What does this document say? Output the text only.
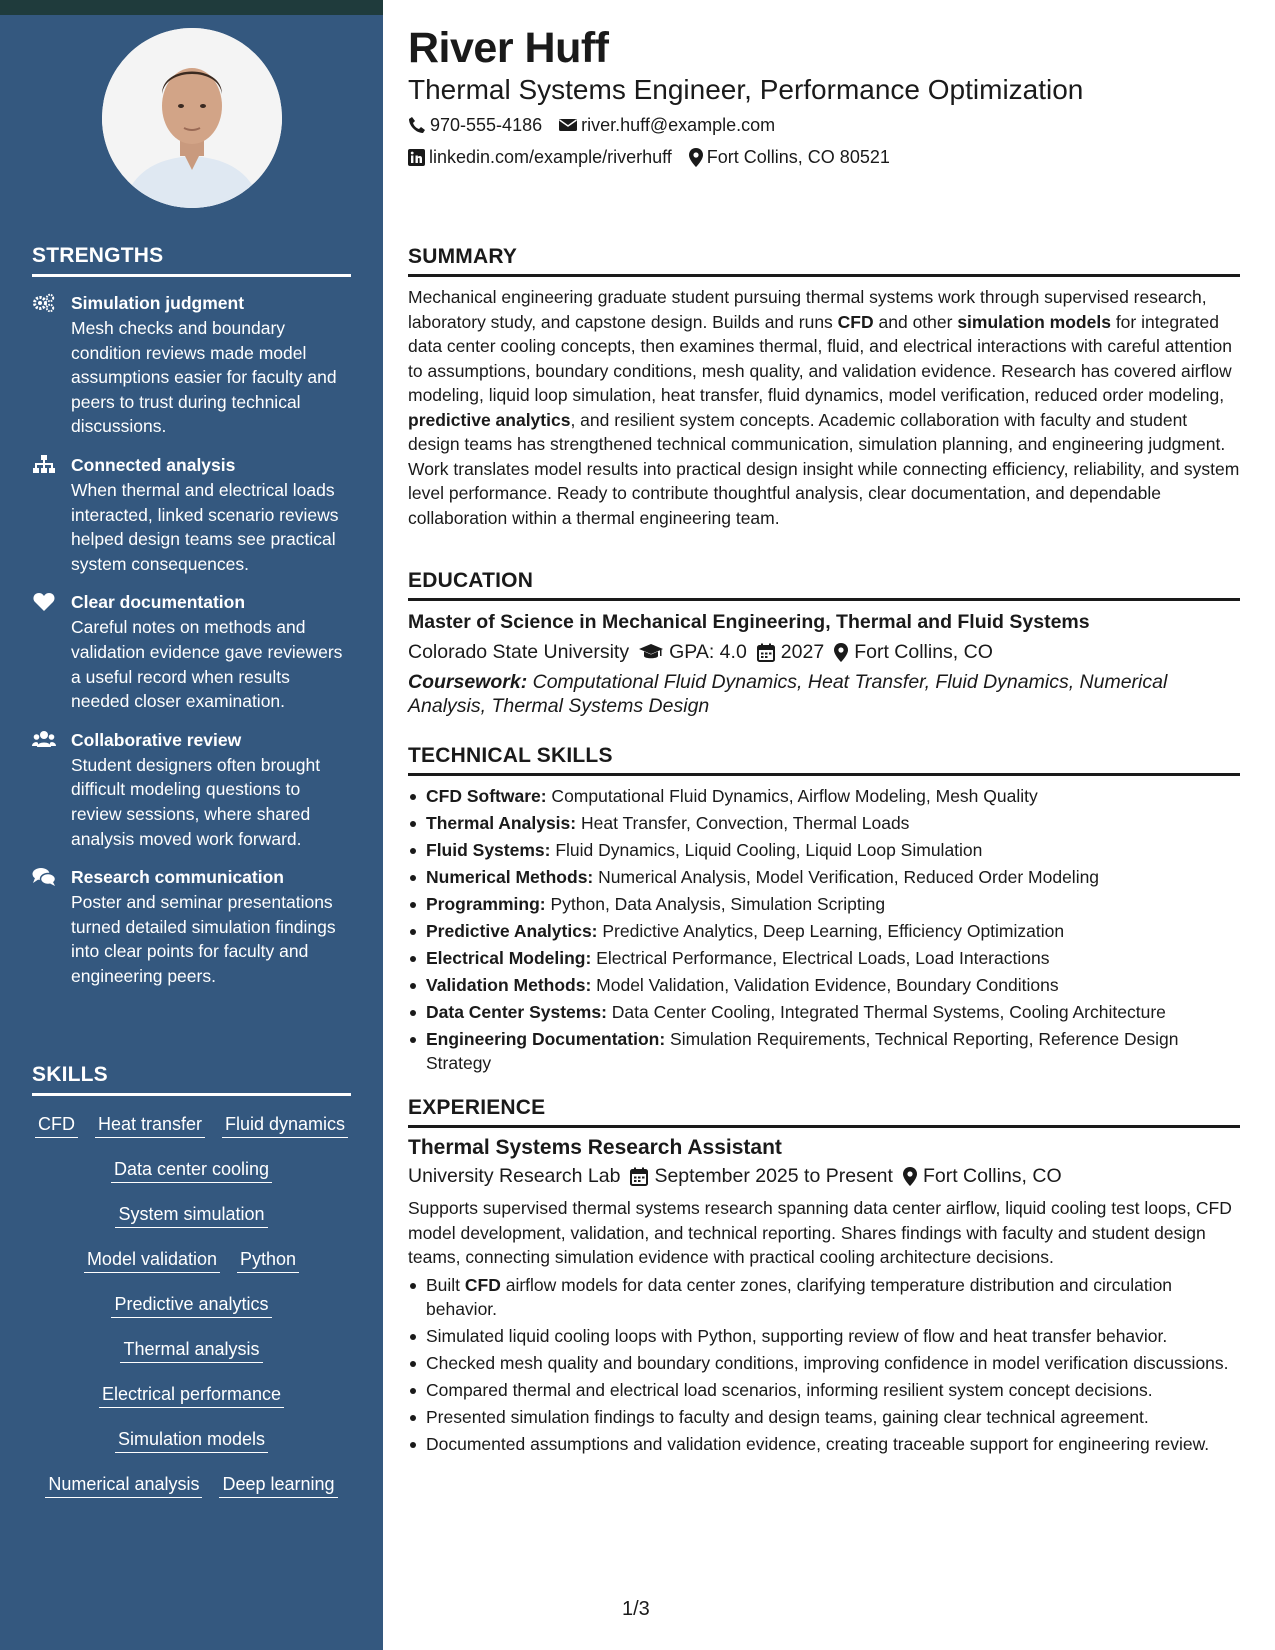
STRENGTHS
Simulation judgment
Mesh checks and boundary condition reviews made model assumptions easier for faculty and peers to trust during technical discussions.
Connected analysis
When thermal and electrical loads interacted, linked scenario reviews helped design teams see practical system consequences.
Clear documentation
Careful notes on methods and validation evidence gave reviewers a useful record when results needed closer examination.
Collaborative review
Student designers often brought difficult modeling questions to review sessions, where shared analysis moved work forward.
Research communication
Poster and seminar presentations turned detailed simulation findings into clear points for faculty and engineering peers.
SKILLS
CFD Heat transfer Fluid dynamics
Data center cooling
System simulation
Model validation Python
Predictive analytics
Thermal analysis
Electrical performance
Simulation models
Numerical analysis Deep learning
River Huff
Thermal Systems Engineer, Performance Optimization
970-555-4186 river.huff@example.com
linkedin.com/example/riverhuff Fort Collins, CO 80521
SUMMARY

Mechanical engineering graduate student pursuing thermal systems work through supervised research, laboratory study, and capstone design. Builds and runs CFD and other simulation models for integrated data center cooling concepts, then examines thermal, fluid, and electrical interactions with careful attention to assumptions, boundary conditions, mesh quality, and validation evidence. Research has covered airflow modeling, liquid loop simulation, heat transfer, fluid dynamics, model verification, reduced order modeling, predictive analytics, and resilient system concepts. Academic collaboration with faculty and student design teams has strengthened technical communication, simulation planning, and engineering judgment. Work translates model results into practical design insight while connecting efficiency, reliability, and system level performance. Ready to contribute thoughtful analysis, clear documentation, and dependable collaboration within a thermal engineering team.

EDUCATION
Master of Science in Mechanical Engineering, Thermal and Fluid Systems
Colorado State University GPA: 4.0 2027 Fort Collins, CO
Coursework: Computational Fluid Dynamics, Heat Transfer, Fluid Dynamics, Numerical Analysis, Thermal Systems Design
TECHNICAL SKILLS
CFD Software: Computational Fluid Dynamics, Airflow Modeling, Mesh Quality
Thermal Analysis: Heat Transfer, Convection, Thermal Loads
Fluid Systems: Fluid Dynamics, Liquid Cooling, Liquid Loop Simulation
Numerical Methods: Numerical Analysis, Model Verification, Reduced Order Modeling
Programming: Python, Data Analysis, Simulation Scripting
Predictive Analytics: Predictive Analytics, Deep Learning, Efficiency Optimization
Electrical Modeling: Electrical Performance, Electrical Loads, Load Interactions
Validation Methods: Model Validation, Validation Evidence, Boundary Conditions
Data Center Systems: Data Center Cooling, Integrated Thermal Systems, Cooling Architecture
Engineering Documentation: Simulation Requirements, Technical Reporting, Reference Design Strategy
EXPERIENCE
Thermal Systems Research Assistant
University Research Lab September 2025 to Present Fort Collins, CO

Supports supervised thermal systems research spanning data center airflow, liquid cooling test loops, CFD model development, validation, and technical reporting. Shares findings with faculty and student design teams, connecting simulation evidence with practical cooling architecture decisions.

Built CFD airflow models for data center zones, clarifying temperature distribution and circulation behavior.
Simulated liquid cooling loops with Python, supporting review of flow and heat transfer behavior.
Checked mesh quality and boundary conditions, improving confidence in model verification discussions.
Compared thermal and electrical load scenarios, informing resilient system concept decisions.
Presented simulation findings to faculty and design teams, gaining clear technical agreement.
Documented assumptions and validation evidence, creating traceable support for engineering review.
1/3
